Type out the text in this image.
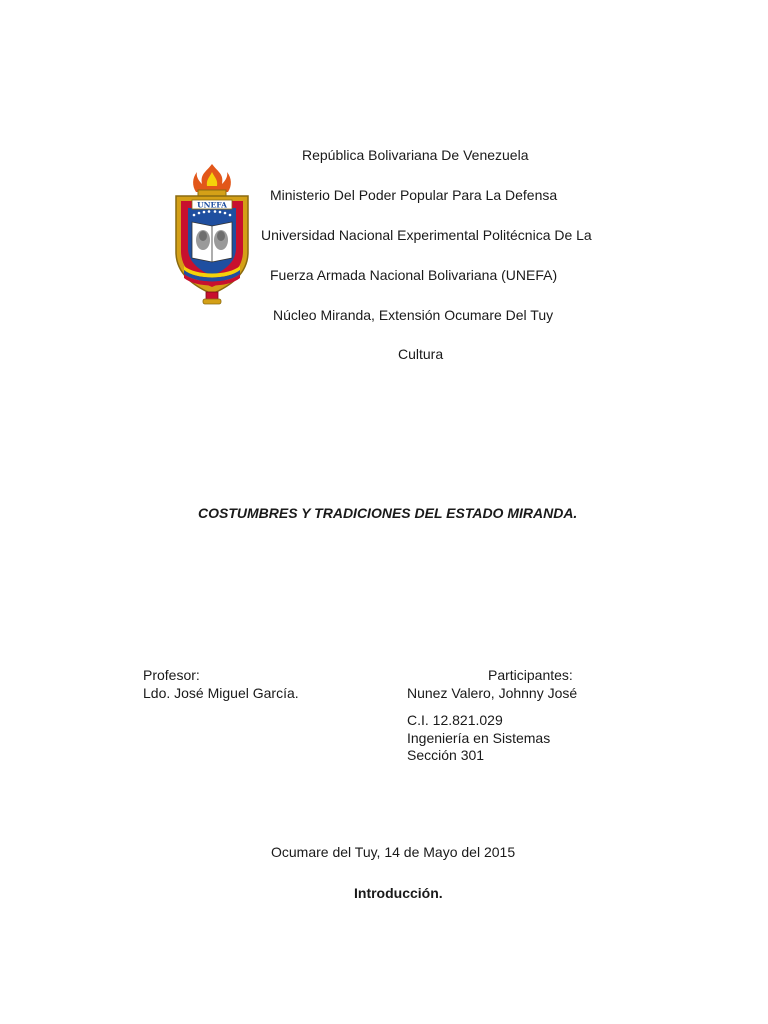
UNEFA
República Bolivariana De Venezuela
Ministerio Del Poder Popular Para La Defensa
Universidad Nacional Experimental Politécnica De La
Fuerza Armada Nacional Bolivariana (UNEFA)
Núcleo Miranda, Extensión Ocumare Del Tuy
Cultura
COSTUMBRES Y TRADICIONES DEL ESTADO MIRANDA.
Profesor:
Ldo. José Miguel García.
Participantes:
Nunez Valero, Johnny José
C.I. 12.821.029
Ingeniería en Sistemas
Sección 301
Ocumare del Tuy, 14 de Mayo del 2015
Introducción.
